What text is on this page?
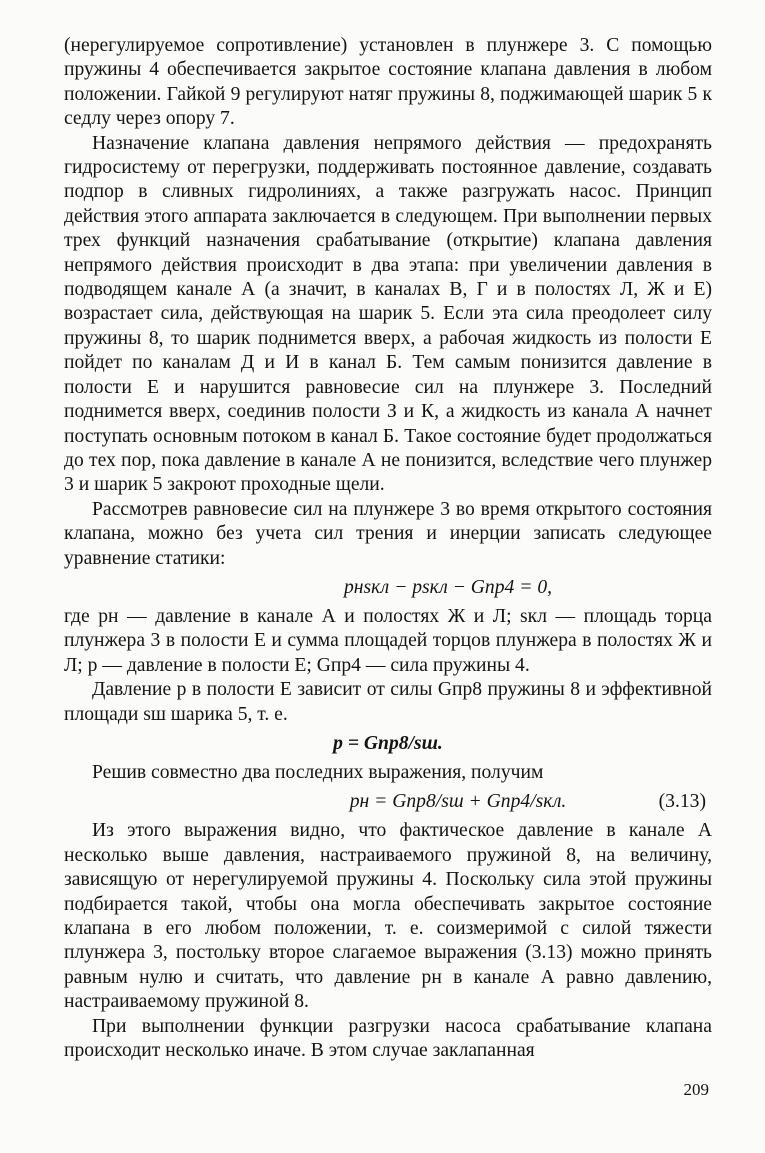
(нерегулируемое сопротивление) установлен в плунжере 3. С помощью пружины 4 обеспечивается закрытое состояние клапана давления в любом положении. Гайкой 9 регулируют натяг пружины 8, поджимающей шарик 5 к седлу через опору 7.

Назначение клапана давления непрямого действия — предохранять гидросистему от перегрузки, поддерживать постоянное давление, создавать подпор в сливных гидролиниях, а также разгружать насос. Принцип действия этого аппарата заключается в следующем. При выполнении первых трех функций назначения срабатывание (открытие) клапана давления непрямого действия происходит в два этапа: при увеличении давления в подводящем канале А (а значит, в каналах В, Г и в полостях Л, Ж и Е) возрастает сила, действующая на шарик 5. Если эта сила преодолеет силу пружины 8, то шарик поднимется вверх, а рабочая жидкость из полости Е пойдет по каналам Д и И в канал Б. Тем самым понизится давление в полости Е и нарушится равновесие сил на плунжере 3. Последний поднимется вверх, соединив полости З и К, а жидкость из канала А начнет поступать основным потоком в канал Б. Такое состояние будет продолжаться до тех пор, пока давление в канале А не понизится, вследствие чего плунжер 3 и шарик 5 закроют проходные щели.

Рассмотрев равновесие сил на плунжере 3 во время открытого состояния клапана, можно без учета сил трения и инерции записать следующее уравнение статики:

pнsкл − psкл − Gпр4 = 0,

где pн — давление в канале А и полостях Ж и Л; sкл — площадь торца плунжера 3 в полости Е и сумма площадей торцов плунжера в полостях Ж и Л; p — давление в полости Е; Gпр4 — сила пружины 4.

Давление p в полости Е зависит от силы Gпр8 пружины 8 и эффективной площади sш шарика 5, т. е.

p = Gпр8/sш.

Решив совместно два последних выражения, получим

pн = Gпр8/sш + Gпр4/sкл.	(3.13)

Из этого выражения видно, что фактическое давление в канале А несколько выше давления, настраиваемого пружиной 8, на величину, зависящую от нерегулируемой пружины 4. Поскольку сила этой пружины подбирается такой, чтобы она могла обеспечивать закрытое состояние клапана в его любом положении, т. е. соизмеримой с силой тяжести плунжера 3, постольку второе слагаемое выражения (3.13) можно принять равным нулю и считать, что давление pн в канале А равно давлению, настраиваемому пружиной 8.

При выполнении функции разгрузки насоса срабатывание клапана происходит несколько иначе. В этом случае заклапанная

209
